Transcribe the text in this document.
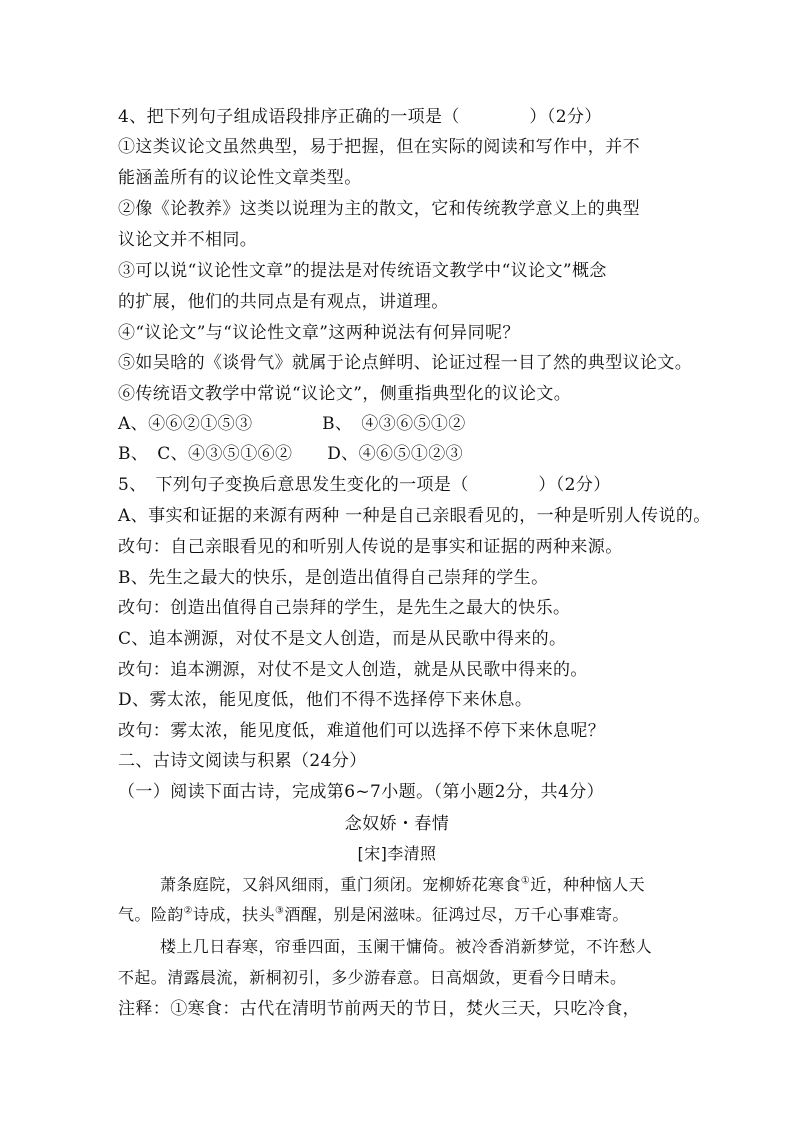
4、把下列句子组成语段排序正确的一项是（　　　　）（2分）
①这类议论文虽然典型，易于把握，但在实际的阅读和写作中，并不
能涵盖所有的议论性文章类型。
②像《论教养》这类以说理为主的散文，它和传统教学意义上的典型
议论文并不相同。
③可以说“议论性文章”的提法是对传统语文教学中“议论文”概念
的扩展，他们的共同点是有观点，讲道理。
④“议论文”与“议论性文章”这两种说法有何异同呢？
⑤如吴晗的《谈骨气》就属于论点鲜明、论证过程一目了然的典型议论文。
⑥传统语文教学中常说“议论文”，侧重指典型化的议论文。
A、④⑥②①⑤③　　　　B、　④③⑥⑤①②
B、　C、④③⑤①⑥②　　D、④⑥⑤①②③
5、　下列句子变换后意思发生变化的一项是（　　　　）（2分）
A、事实和证据的来源有两种 一种是自己亲眼看见的，一种是听别人传说的。
改句：自己亲眼看见的和听别人传说的是事实和证据的两种来源。
B、先生之最大的快乐，是创造出值得自己崇拜的学生。
改句：创造出值得自己崇拜的学生，是先生之最大的快乐。
C、追本溯源，对仗不是文人创造，而是从民歌中得来的。
改句：追本溯源，对仗不是文人创造，就是从民歌中得来的。
D、雾太浓，能见度低，他们不得不选择停下来休息。
改句：雾太浓，能见度低，难道他们可以选择不停下来休息呢？
二、古诗文阅读与积累（24分）
（一）阅读下面古诗，完成第6~7小题。（第小题2分，共4分）
念奴娇・春情
[宋]李清照
萧条庭院，又斜风细雨，重门须闭。宠柳娇花寒食①近，种种恼人天
气。险韵②诗成，扶头③酒醒，别是闲滋味。征鸿过尽，万千心事难寄。
楼上几日春寒，帘垂四面，玉阑干慵倚。被冷香消新梦觉，不许愁人
不起。清露晨流，新桐初引，多少游春意。日高烟敛，更看今日晴未。
注释：①寒食：古代在清明节前两天的节日，焚火三天，只吃冷食，
